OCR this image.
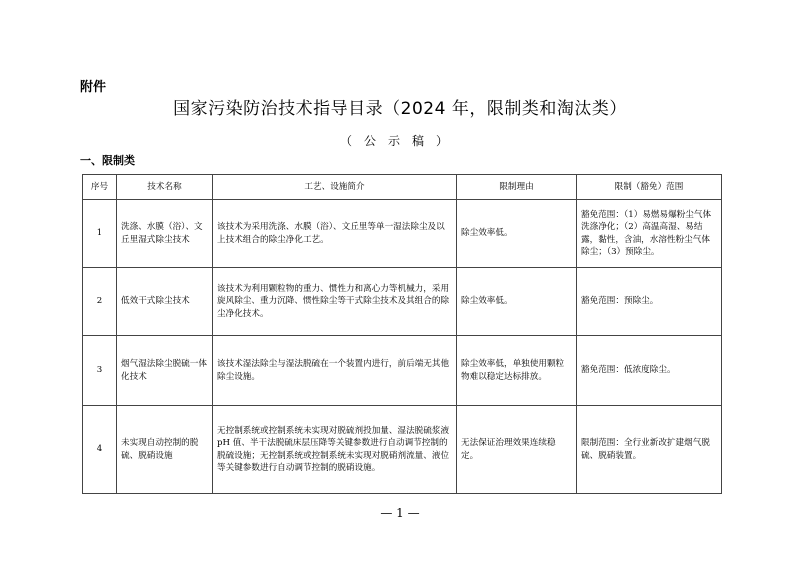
附件
国家污染防治技术指导目录（2024 年，限制类和淘汰类）
（公示稿）
一、限制类
序号	技术名称	工艺、设施简介	限制理由	限制（豁免）范围
1	洗涤、水膜（浴）、文丘里湿式除尘技术	该技术为采用洗涤、水膜（浴）、文丘里等单一湿法除尘及以上技术组合的除尘净化工艺。	除尘效率低。	豁免范围：（1）易燃易爆粉尘气体洗涤净化；（2）高温高湿、易结露，黏性，含油，水溶性粉尘气体除尘；（3）预除尘。
2	低效干式除尘技术	该技术为利用颗粒物的重力、惯性力和离心力等机械力，采用旋风除尘、重力沉降、惯性除尘等干式除尘技术及其组合的除尘净化技术。	除尘效率低。	豁免范围：预除尘。
3	烟气湿法除尘脱硫一体化技术	该技术湿法除尘与湿法脱硫在一个装置内进行，前后端无其他除尘设施。	除尘效率低，单独使用颗粒物难以稳定达标排放。	豁免范围：低浓度除尘。
4	未实现自动控制的脱硫、脱硝设施	无控制系统或控制系统未实现对脱硫剂投加量、湿法脱硫浆液 pH 值、半干法脱硫床层压降等关键参数进行自动调节控制的脱硫设施；无控制系统或控制系统未实现对脱硝剂流量、液位等关键参数进行自动调节控制的脱硝设施。	无法保证治理效果连续稳定。	限制范围：全行业新改扩建烟气脱硫、脱硝装置。
— 1 —
